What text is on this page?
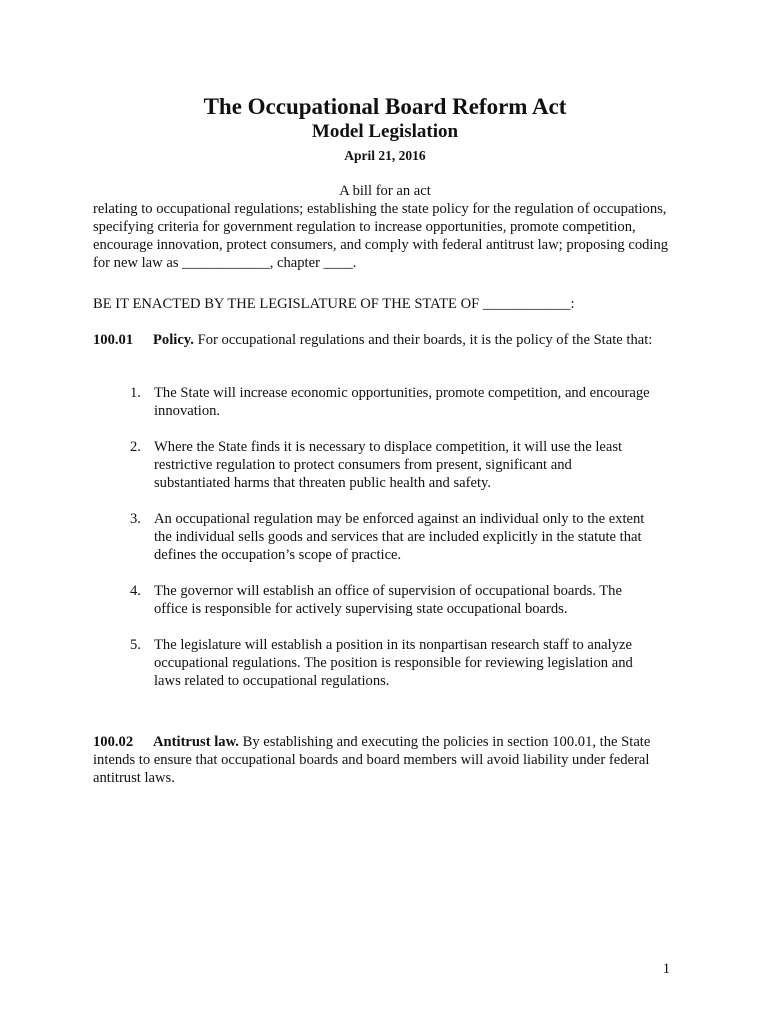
The Occupational Board Reform Act
Model Legislation
April 21, 2016
A bill for an act

relating to occupational regulations; establishing the state policy for the regulation of occupations, specifying criteria for government regulation to increase opportunities, promote competition, encourage innovation, protect consumers, and comply with federal antitrust law; proposing coding for new law as ____________, chapter ____.

BE IT ENACTED BY THE LEGISLATURE OF THE STATE OF ____________:

100.01 Policy. For occupational regulations and their boards, it is the policy of the State that:

1. The State will increase economic opportunities, promote competition, and encourage innovation.
2. Where the State finds it is necessary to displace competition, it will use the least restrictive regulation to protect consumers from present, significant and substantiated harms that threaten public health and safety.
3. An occupational regulation may be enforced against an individual only to the extent the individual sells goods and services that are included explicitly in the statute that defines the occupation’s scope of practice.
4. The governor will establish an office of supervision of occupational boards. The office is responsible for actively supervising state occupational boards.
5. The legislature will establish a position in its nonpartisan research staff to analyze occupational regulations. The position is responsible for reviewing legislation and laws related to occupational regulations.

100.02 Antitrust law. By establishing and executing the policies in section 100.01, the State intends to ensure that occupational boards and board members will avoid liability under federal antitrust laws.

1
